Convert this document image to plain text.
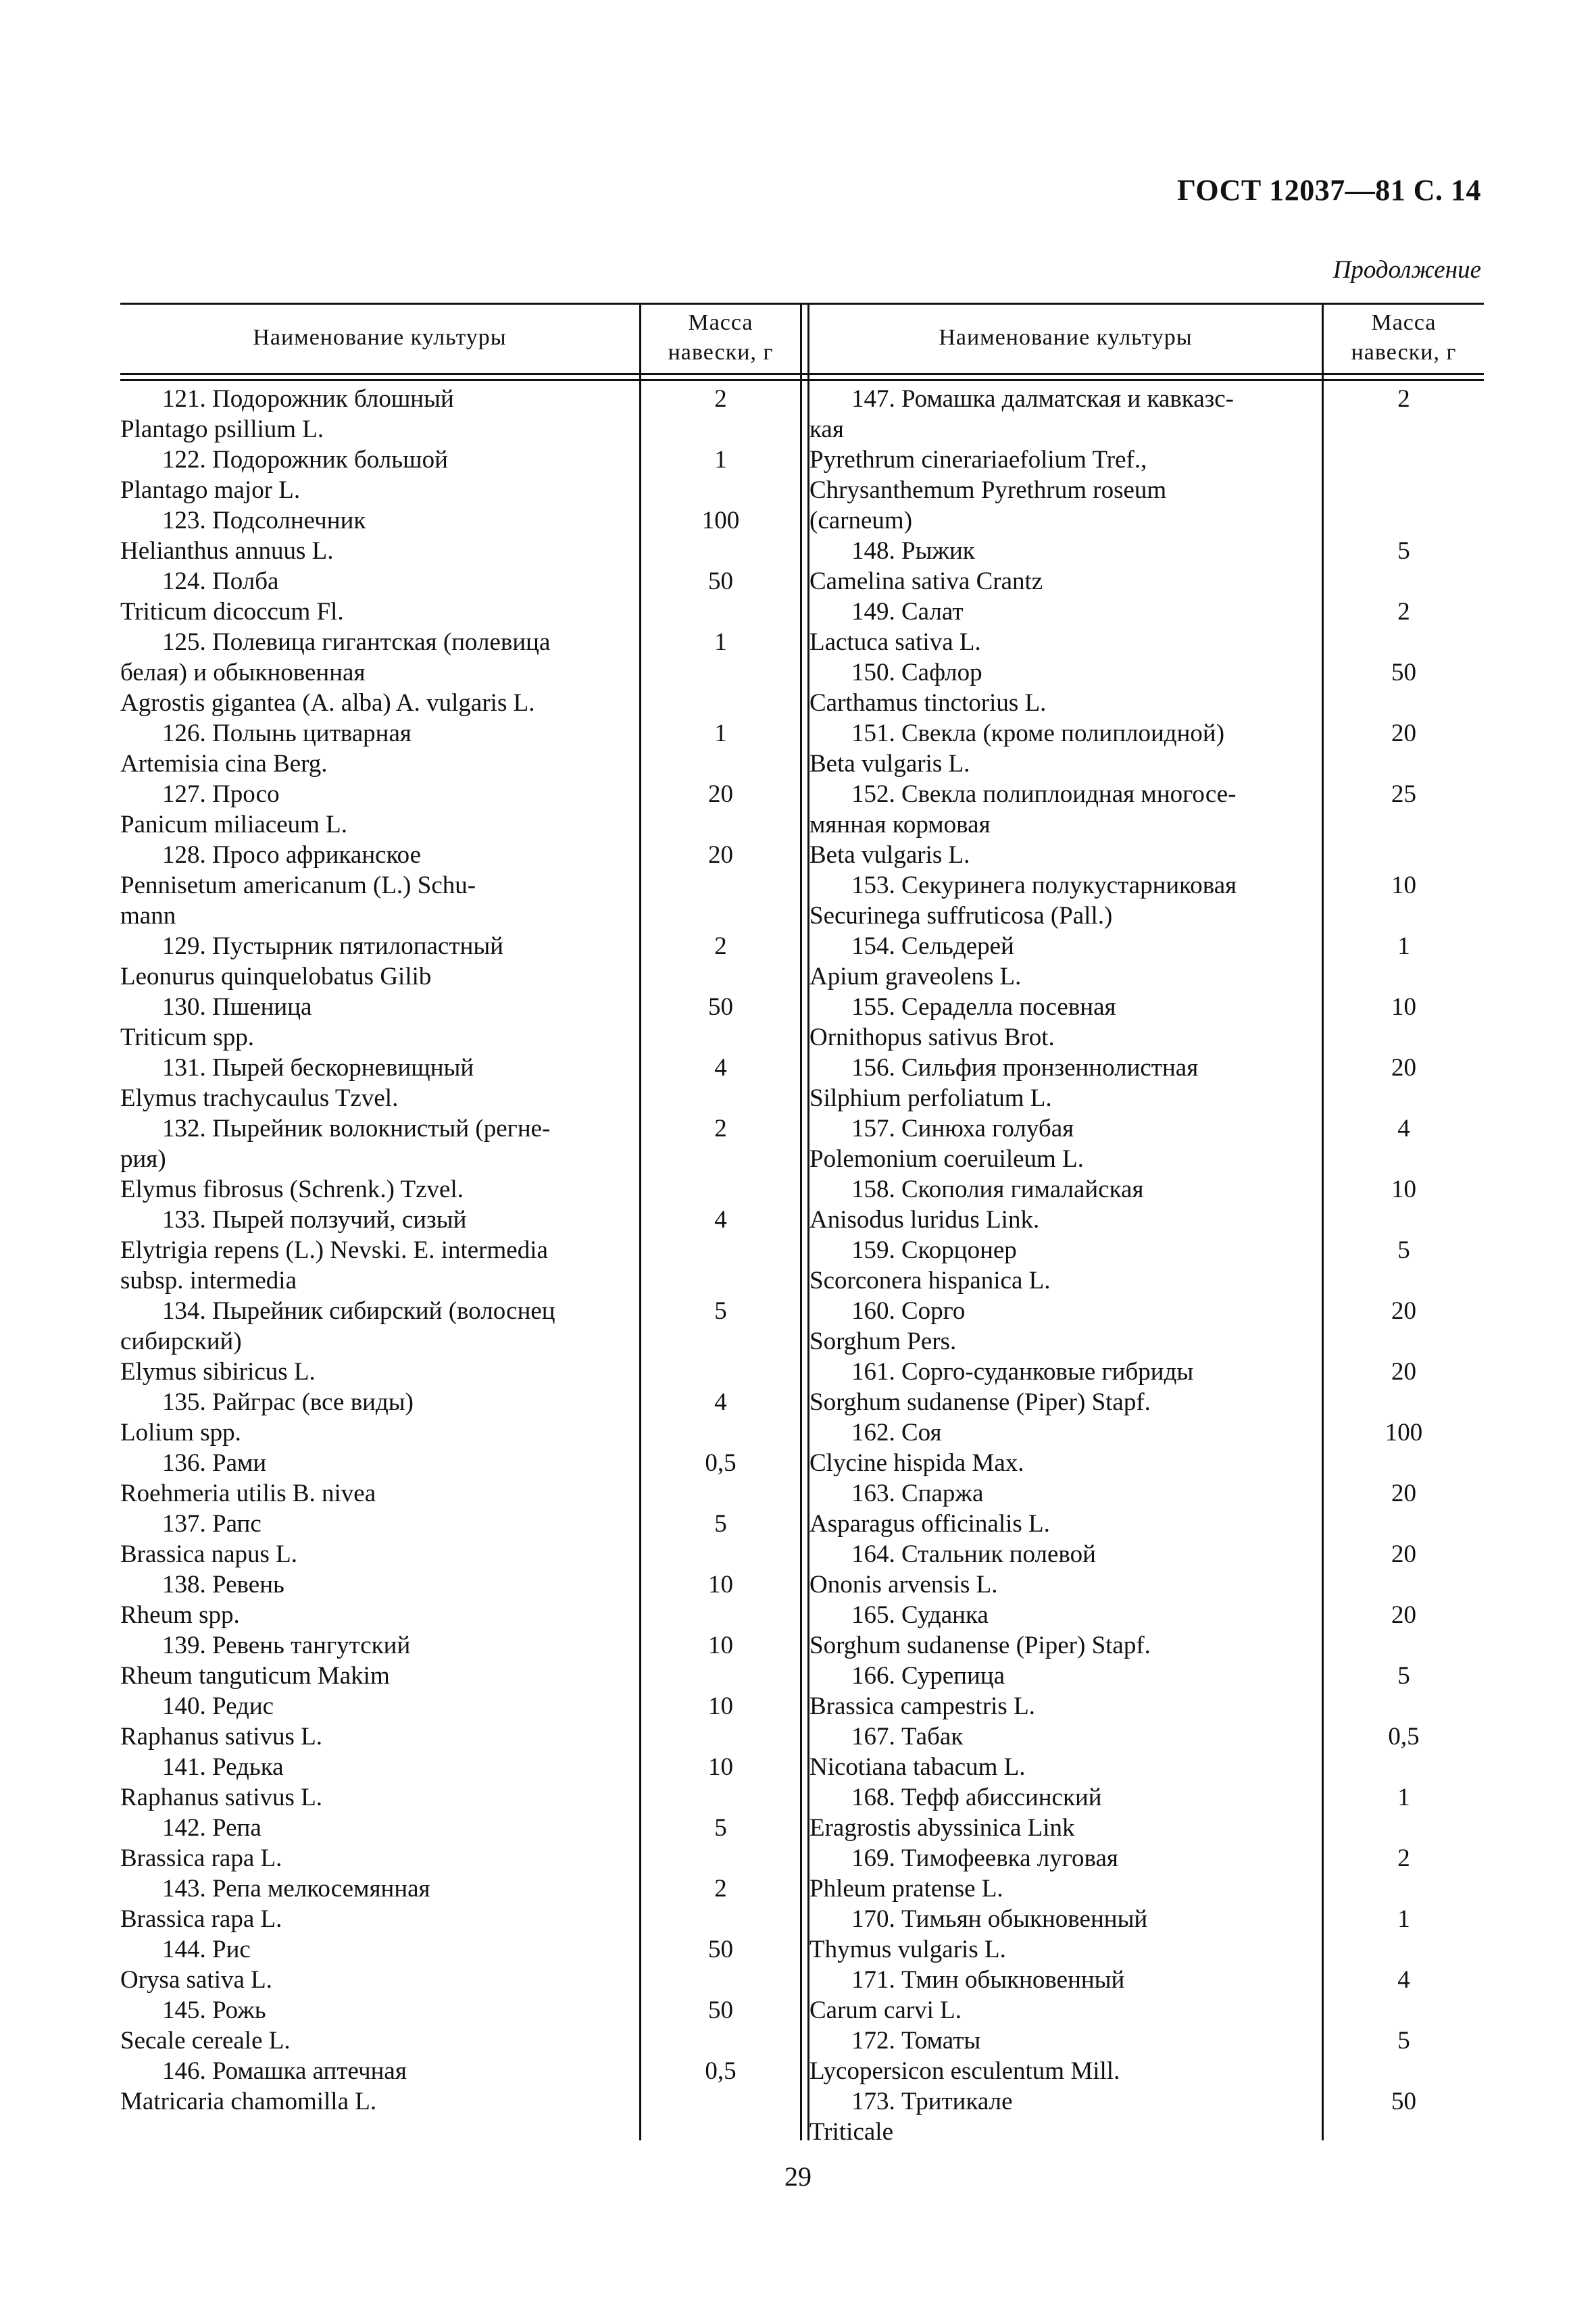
ГОСТ 12037—81 С. 14
Продолжение
Наименование культуры
Масса
навески, г
Наименование культуры
Масса
навески, г
121. Подорожник блошный
Plantago psillium L.
2
122. Подорожник большой
Plantago major L.
1
123. Подсолнечник
Helianthus annuus L.
100
124. Полба
Triticum dicoccum Fl.
50
125. Полевица гигантская (полевица
белая) и обыкновенная
Agrostis gigantea (A. alba) A. vulgaris L.
1
126. Полынь цитварная
Artemisia cina Berg.
1
127. Просо
Panicum miliaceum L.
20
128. Просо африканское
Pennisetum americanum (L.) Schu-
mann
20
129. Пустырник пятилопастный
Leonurus quinquelobatus Gilib
2
130. Пшеница
Triticum spp.
50
131. Пырей бескорневищный
Elymus trachycaulus Tzvel.
4
132. Пырейник волокнистый (регне-
рия)
Elymus fibrosus (Schrenk.) Tzvel.
2
133. Пырей ползучий, сизый
Elytrigia repens (L.) Nevski. E. intermedia
subsp. intermedia
4
134. Пырейник сибирский (волоснец
сибирский)
Elymus sibiricus L.
5
135. Райграс (все виды)
Lolium spp.
4
136. Рами
Roehmeria utilis B. nivea
0,5
137. Рапс
Brassica napus L.
5
138. Ревень
Rheum spp.
10
139. Ревень тангутский
Rheum tanguticum Makim
10
140. Редис
Raphanus sativus L.
10
141. Редька
Raphanus sativus L.
10
142. Репа
Brassica rapa L.
5
143. Репа мелкосемянная
Brassica rapa L.
2
144. Рис
Orysa sativa L.
50
145. Рожь
Secale cereale L.
50
146. Ромашка аптечная
Matricaria chamomilla L.
0,5
147. Ромашка далматская и кавказс-
кая
Pyrethrum cinerariaefolium Tref.,
Chrysanthemum Pyrethrum roseum
(carneum)
2
148. Рыжик
Camelina sativa Crantz
5
149. Салат
Lactuca sativa L.
2
150. Сафлор
Carthamus tinctorius L.
50
151. Свекла (кроме полиплоидной)
Beta vulgaris L.
20
152. Свекла полиплоидная многосе-
мянная кормовая
Beta vulgaris L.
25
153. Секуринега полукустарниковая
Securinega suffruticosa (Pall.)
10
154. Сельдерей
Apium graveolens L.
1
155. Сераделла посевная
Ornithopus sativus Brot.
10
156. Сильфия пронзеннолистная
Silphium perfoliatum L.
20
157. Синюха голубая
Polemonium coeruileum L.
4
158. Скополия гималайская
Anisodus luridus Link.
10
159. Скорцонер
Scorconera hispanica L.
5
160. Сорго
Sorghum Pers.
20
161. Сорго-суданковые гибриды
Sorghum sudanense (Piper) Stapf.
20
162. Соя
Clycine hispida Max.
100
163. Спаржа
Asparagus officinalis L.
20
164. Стальник полевой
Ononis arvensis L.
20
165. Суданка
Sorghum sudanense (Piper) Stapf.
20
166. Сурепица
Brassica campestris L.
5
167. Табак
Nicotiana tabacum L.
0,5
168. Тефф абиссинский
Eragrostis abyssinica Link
1
169. Тимофеевка луговая
Phleum pratense L.
2
170. Тимьян обыкновенный
Thymus vulgaris L.
1
171. Тмин обыкновенный
Carum carvi L.
4
172. Томаты
Lycopersicon esculentum Mill.
5
173. Тритикале
Triticale
50
29
